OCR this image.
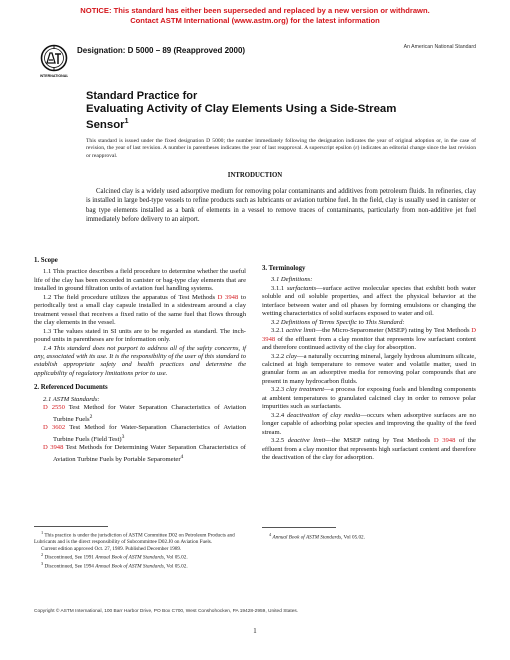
NOTICE: This standard has either been superseded and replaced by a new version or withdrawn.
Contact ASTM International (www.astm.org) for the latest information
INTERNATIONAL
Designation: D 5000 – 89 (Reapproved 2000)	An American National Standard
Standard Practice for
Evaluating Activity of Clay Elements Using a Side-Stream
Sensor$^1$
This standard is issued under the fixed designation D 5000; the number immediately following the designation indicates the year of original adoption or, in the case of revision, the year of last revision. A number in parentheses indicates the year of last reapproval. A superscript epsilon (ε) indicates an editorial change since the last revision or reapproval.
INTRODUCTION
Calcined clay is a widely used adsorptive medium for removing polar contaminants and additives from petroleum fluids. In refineries, clay is installed in large bed-type vessels to refine products such as lubricants or aviation turbine fuel. In the field, clay is usually used in canister or bag type elements installed as a bank of elements in a vessel to remove traces of contaminants, particularly from non-additive jet fuel immediately before delivery to an airport.
1. Scope

1.1 This practice describes a field procedure to determine whether the useful life of the clay has been exceeded in canister or bag-type clay elements that are installed in ground filtration units of aviation fuel handling systems.

1.2 The field procedure utilizes the apparatus of Test Methods D 3948 to periodically test a small clay capsule installed in a sidestream around a clay treatment vessel that receives a fixed ratio of the same fuel that flows through the clay elements in the vessel.

1.3 The values stated in SI units are to be regarded as standard. The inch-pound units in parentheses are for information only.

1.4 This standard does not purport to address all of the safety concerns, if any, associated with its use. It is the responsibility of the user of this standard to establish appropriate safety and health practices and determine the applicability of regulatory limitations prior to use.

2. Referenced Documents

2.1 ASTM Standards:

D 2550 Test Method for Water Separation Characteristics of Aviation Turbine Fuels$^2$

D 3602 Test Method for Water-Separation Characteristics of Aviation Turbine Fuels (Field Test)$^3$

D 3948 Test Methods for Determining Water Separation Characteristics of Aviation Turbine Fuels by Portable Separometer$^4$

3. Terminology

3.1 Definitions:

3.1.1 surfactants—surface active molecular species that exhibit both water soluble and oil soluble properties, and affect the physical behavior at the interface between water and oil phases by forming emulsions or changing the wetting characteristics of solid surfaces exposed to water and oil.

3.2 Definitions of Terms Specific to This Standard:

3.2.1 active limit—the Micro-Separometer (MSEP) rating by Test Methods D 3948 of the effluent from a clay monitor that represents low surfactant content and therefore continued activity of the clay for absorption.

3.2.2 clay—a naturally occurring mineral, largely hydrous aluminum silicate, calcined at high temperature to remove water and volatile matter, used in granular form as an adsorptive media for removing polar compounds that are present in many hydrocarbon fluids.

3.2.3 clay treatment—a process for exposing fuels and blending components at ambient temperatures to granulated calcined clay in order to remove polar impurities such as surfactants.

3.2.4 deactivation of clay media—occurs when adsorptive surfaces are no longer capable of adsorbing polar species and improving the quality of the feed stream.

3.2.5 deactive limit—the MSEP rating by Test Methods D 3948 of the effluent from a clay monitor that represents high surfactant content and therefore the deactivation of the clay for adsorption.

$^1$ This practice is under the jurisdiction of ASTM Committee D02 on Petroleum Products and Lubricants and is the direct responsibility of Subcommittee D02.J0 on Aviation Fuels.

Current edition approved Oct. 27, 1989. Published December 1989.

$^2$ Discontinued, See 1991 Annual Book of ASTM Standards, Vol 05.02.

$^3$ Discontinued, See 1994 Annual Book of ASTM Standards, Vol 05.02.

$^4$ Annual Book of ASTM Standards, Vol 05.02.

Copyright © ASTM International, 100 Barr Harbor Drive, PO Box C700, West Conshohocken, PA 19428-2959, United States.
1
